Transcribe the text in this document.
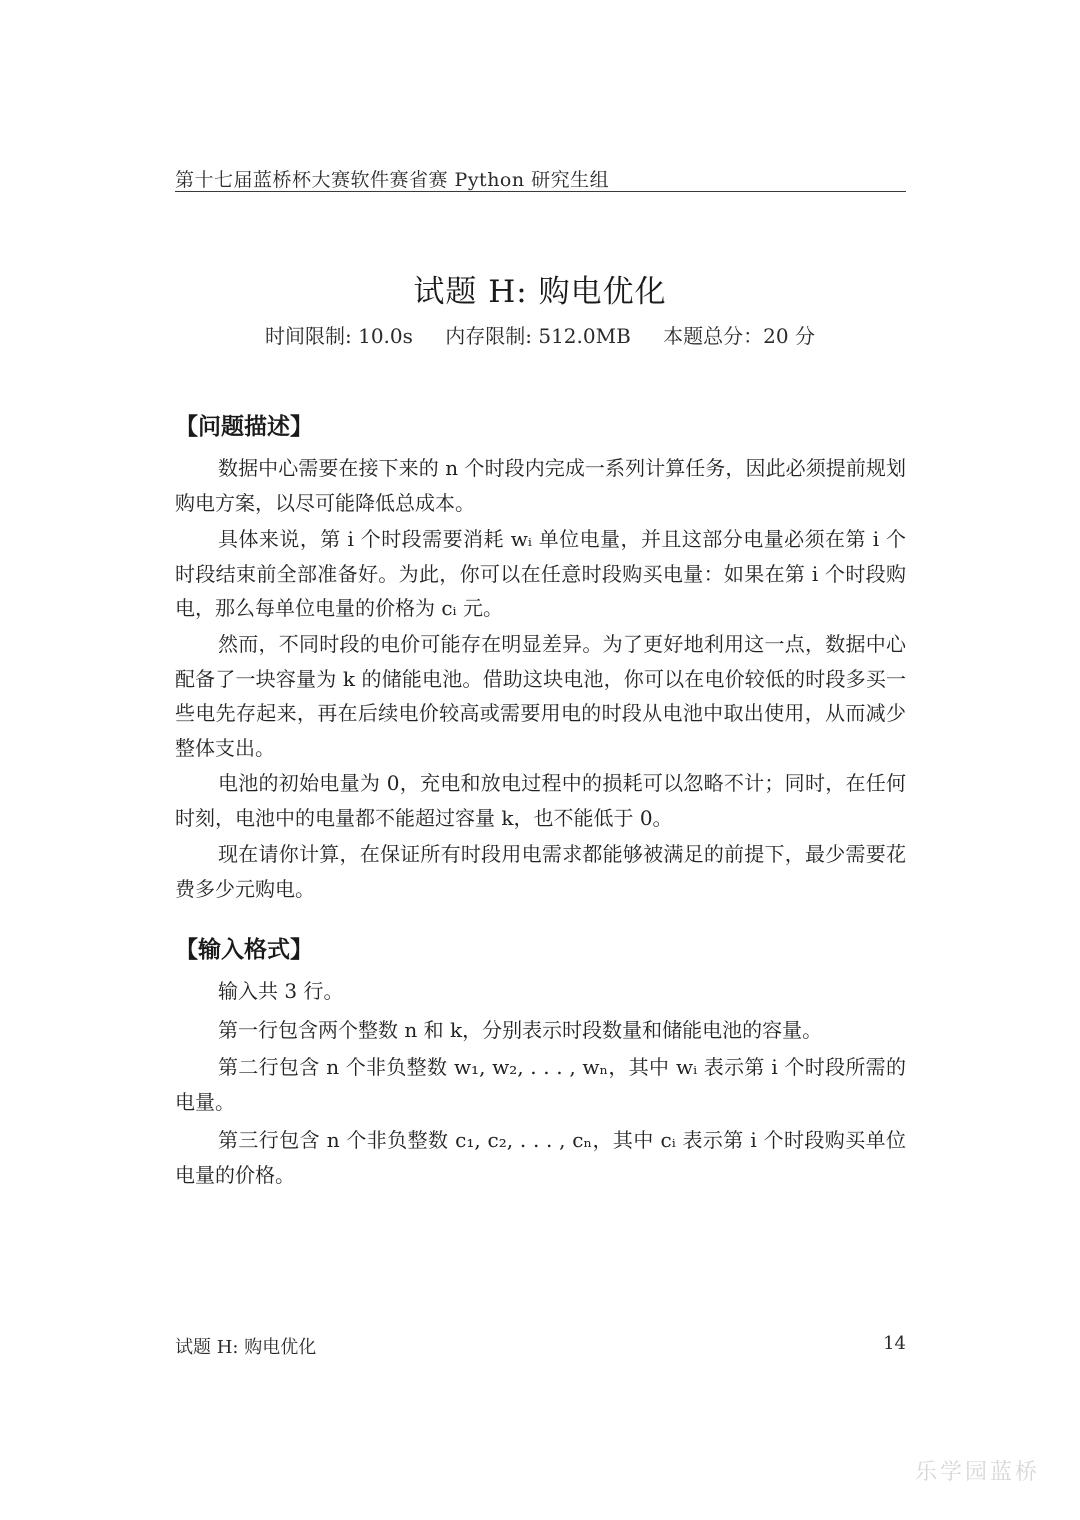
第十七届蓝桥杯大赛软件赛省赛 Python 研究生组
试题 H: 购电优化
时间限制: 10.0s 内存限制: 512.0MB 本题总分：20 分
【问题描述】
数据中心需要在接下来的 n 个时段内完成一系列计算任务，因此必须提前规划购电方案，以尽可能降低总成本。
具体来说，第 i 个时段需要消耗 wᵢ 单位电量，并且这部分电量必须在第 i 个时段结束前全部准备好。为此，你可以在任意时段购买电量：如果在第 i 个时段购电，那么每单位电量的价格为 cᵢ 元。
然而，不同时段的电价可能存在明显差异。为了更好地利用这一点，数据中心配备了一块容量为 k 的储能电池。借助这块电池，你可以在电价较低的时段多买一些电先存起来，再在后续电价较高或需要用电的时段从电池中取出使用，从而减少整体支出。
电池的初始电量为 0，充电和放电过程中的损耗可以忽略不计；同时，在任何时刻，电池中的电量都不能超过容量 k，也不能低于 0。
现在请你计算，在保证所有时段用电需求都能够被满足的前提下，最少需要花费多少元购电。
【输入格式】
输入共 3 行。
第一行包含两个整数 n 和 k，分别表示时段数量和储能电池的容量。
第二行包含 n 个非负整数 w₁, w₂, . . . , wₙ，其中 wᵢ 表示第 i 个时段所需的电量。
第三行包含 n 个非负整数 c₁, c₂, . . . , cₙ，其中 cᵢ 表示第 i 个时段购买单位电量的价格。
试题 H: 购电优化	14
乐学园蓝桥
